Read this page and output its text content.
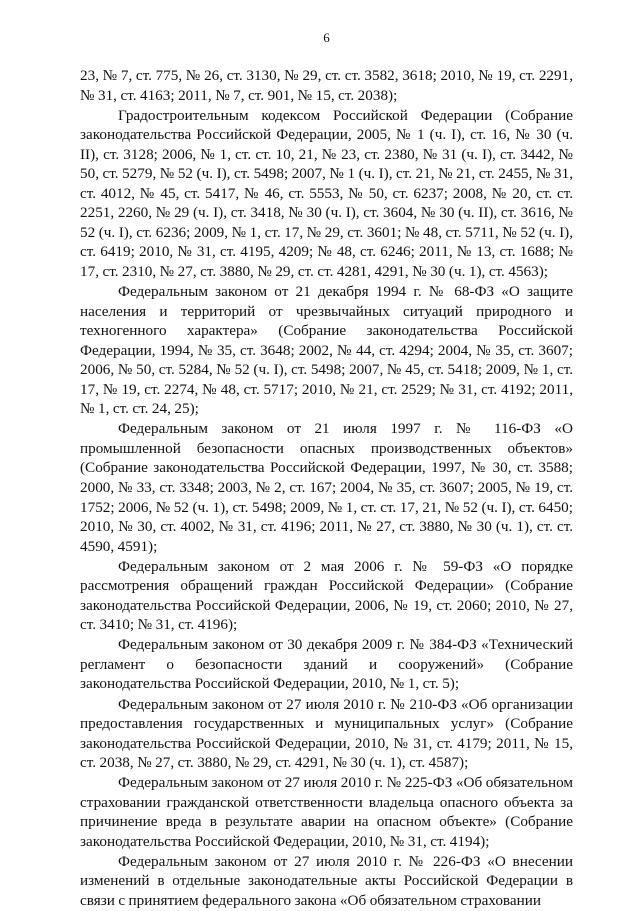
6

23, № 7, ст. 775, № 26, ст. 3130, № 29, ст. ст. 3582, 3618; 2010, № 19, ст. 2291, № 31, ст. 4163; 2011, № 7, ст. 901, № 15, ст. 2038);

Градостроительным кодексом Российской Федерации (Собрание законодательства Российской Федерации, 2005, № 1 (ч. I), ст. 16, № 30 (ч. II), ст. 3128; 2006, № 1, ст. ст. 10, 21, № 23, ст. 2380, № 31 (ч. I), ст. 3442, № 50, ст. 5279, № 52 (ч. I), ст. 5498; 2007, № 1 (ч. I), ст. 21, № 21, ст. 2455, № 31, ст. 4012, № 45, ст. 5417, № 46, ст. 5553, № 50, ст. 6237; 2008, № 20, ст. ст. 2251, 2260, № 29 (ч. I), ст. 3418, № 30 (ч. I), ст. 3604, № 30 (ч. II), ст. 3616, № 52 (ч. I), ст. 6236; 2009, № 1, ст. 17, № 29, ст. 3601; № 48, ст. 5711, № 52 (ч. I), ст. 6419; 2010, № 31, ст. 4195, 4209; № 48, ст. 6246; 2011, № 13, ст. 1688; № 17, ст. 2310, № 27, ст. 3880, № 29, ст. ст. 4281, 4291, № 30 (ч. 1), ст. 4563);

Федеральным законом от 21 декабря 1994 г. № 68-ФЗ «О защите населения и территорий от чрезвычайных ситуаций природного и техногенного характера» (Собрание законодательства Российской Федерации, 1994, № 35, ст. 3648; 2002, № 44, ст. 4294; 2004, № 35, ст. 3607; 2006, № 50, ст. 5284, № 52 (ч. I), ст. 5498; 2007, № 45, ст. 5418; 2009, № 1, ст. 17, № 19, ст. 2274, № 48, ст. 5717; 2010, № 21, ст. 2529; № 31, ст. 4192; 2011, № 1, ст. ст. 24, 25);

Федеральным законом от 21 июля 1997 г. № 116-ФЗ «О промышленной безопасности опасных производственных объектов» (Собрание законодательства Российской Федерации, 1997, № 30, ст. 3588; 2000, № 33, ст. 3348; 2003, № 2, ст. 167; 2004, № 35, ст. 3607; 2005, № 19, ст. 1752; 2006, № 52 (ч. 1), ст. 5498; 2009, № 1, ст. ст. 17, 21, № 52 (ч. I), ст. 6450; 2010, № 30, ст. 4002, № 31, ст. 4196; 2011, № 27, ст. 3880, № 30 (ч. 1), ст. ст. 4590, 4591);

Федеральным законом от 2 мая 2006 г. № 59-ФЗ «О порядке рассмотрения обращений граждан Российской Федерации» (Собрание законодательства Российской Федерации, 2006, № 19, ст. 2060; 2010, № 27, ст. 3410; № 31, ст. 4196);

Федеральным законом от 30 декабря 2009 г. № 384-ФЗ «Технический регламент о безопасности зданий и сооружений» (Собрание законодательства Российской Федерации, 2010, № 1, ст. 5);

Федеральным законом от 27 июля 2010 г. № 210-ФЗ «Об организации предоставления государственных и муниципальных услуг» (Собрание законодательства Российской Федерации, 2010, № 31, ст. 4179; 2011, № 15, ст. 2038, № 27, ст. 3880, № 29, ст. 4291, № 30 (ч. 1), ст. 4587);

Федеральным законом от 27 июля 2010 г. № 225-ФЗ «Об обязательном страховании гражданской ответственности владельца опасного объекта за причинение вреда в результате аварии на опасном объекте» (Собрание законодательства Российской Федерации, 2010, № 31, ст. 4194);

Федеральным законом от 27 июля 2010 г. № 226-ФЗ «О внесении изменений в отдельные законодательные акты Российской Федерации в связи с принятием федерального закона «Об обязательном страховании
